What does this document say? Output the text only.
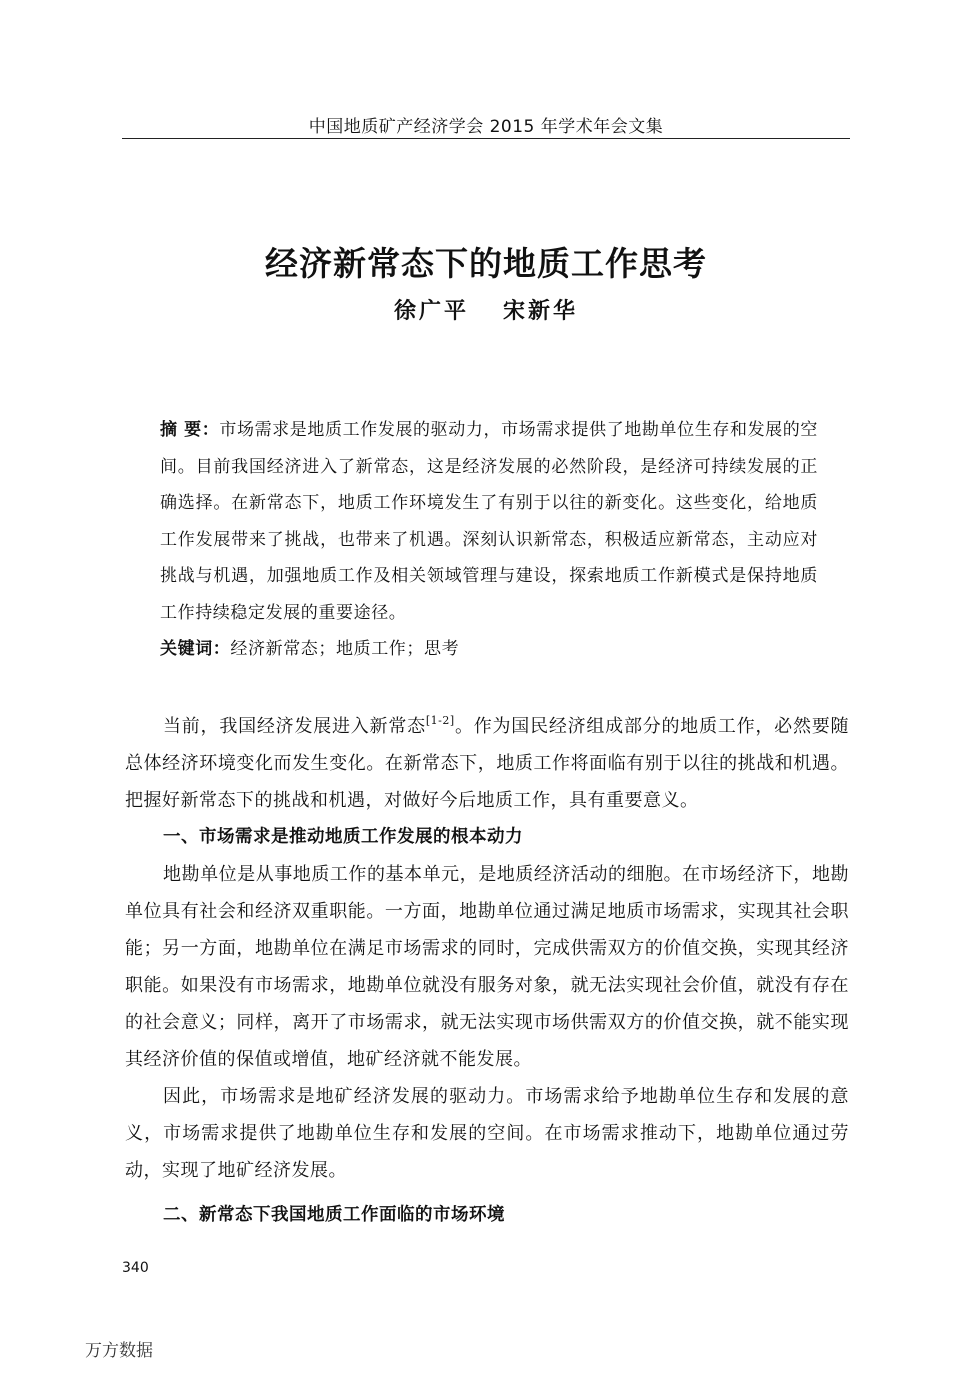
中国地质矿产经济学会 2015 年学术年会文集
经济新常态下的地质工作思考
徐广平 宋新华

摘 要：市场需求是地质工作发展的驱动力，市场需求提供了地勘单位生存和发展的空间。目前我国经济进入了新常态，这是经济发展的必然阶段，是经济可持续发展的正确选择。在新常态下，地质工作环境发生了有别于以往的新变化。这些变化，给地质工作发展带来了挑战，也带来了机遇。深刻认识新常态，积极适应新常态，主动应对挑战与机遇，加强地质工作及相关领域管理与建设，探索地质工作新模式是保持地质工作持续稳定发展的重要途径。

关键词：经济新常态；地质工作；思考

当前，我国经济发展进入新常态[1-2]。作为国民经济组成部分的地质工作，必然要随总体经济环境变化而发生变化。在新常态下，地质工作将面临有别于以往的挑战和机遇。把握好新常态下的挑战和机遇，对做好今后地质工作，具有重要意义。

一、市场需求是推动地质工作发展的根本动力

地勘单位是从事地质工作的基本单元，是地质经济活动的细胞。在市场经济下，地勘单位具有社会和经济双重职能。一方面，地勘单位通过满足地质市场需求，实现其社会职能；另一方面，地勘单位在满足市场需求的同时，完成供需双方的价值交换，实现其经济职能。如果没有市场需求，地勘单位就没有服务对象，就无法实现社会价值，就没有存在的社会意义；同样，离开了市场需求，就无法实现市场供需双方的价值交换，就不能实现其经济价值的保值或增值，地矿经济就不能发展。

因此，市场需求是地矿经济发展的驱动力。市场需求给予地勘单位生存和发展的意义，市场需求提供了地勘单位生存和发展的空间。在市场需求推动下，地勘单位通过劳动，实现了地矿经济发展。

二、新常态下我国地质工作面临的市场环境

340
万方数据
